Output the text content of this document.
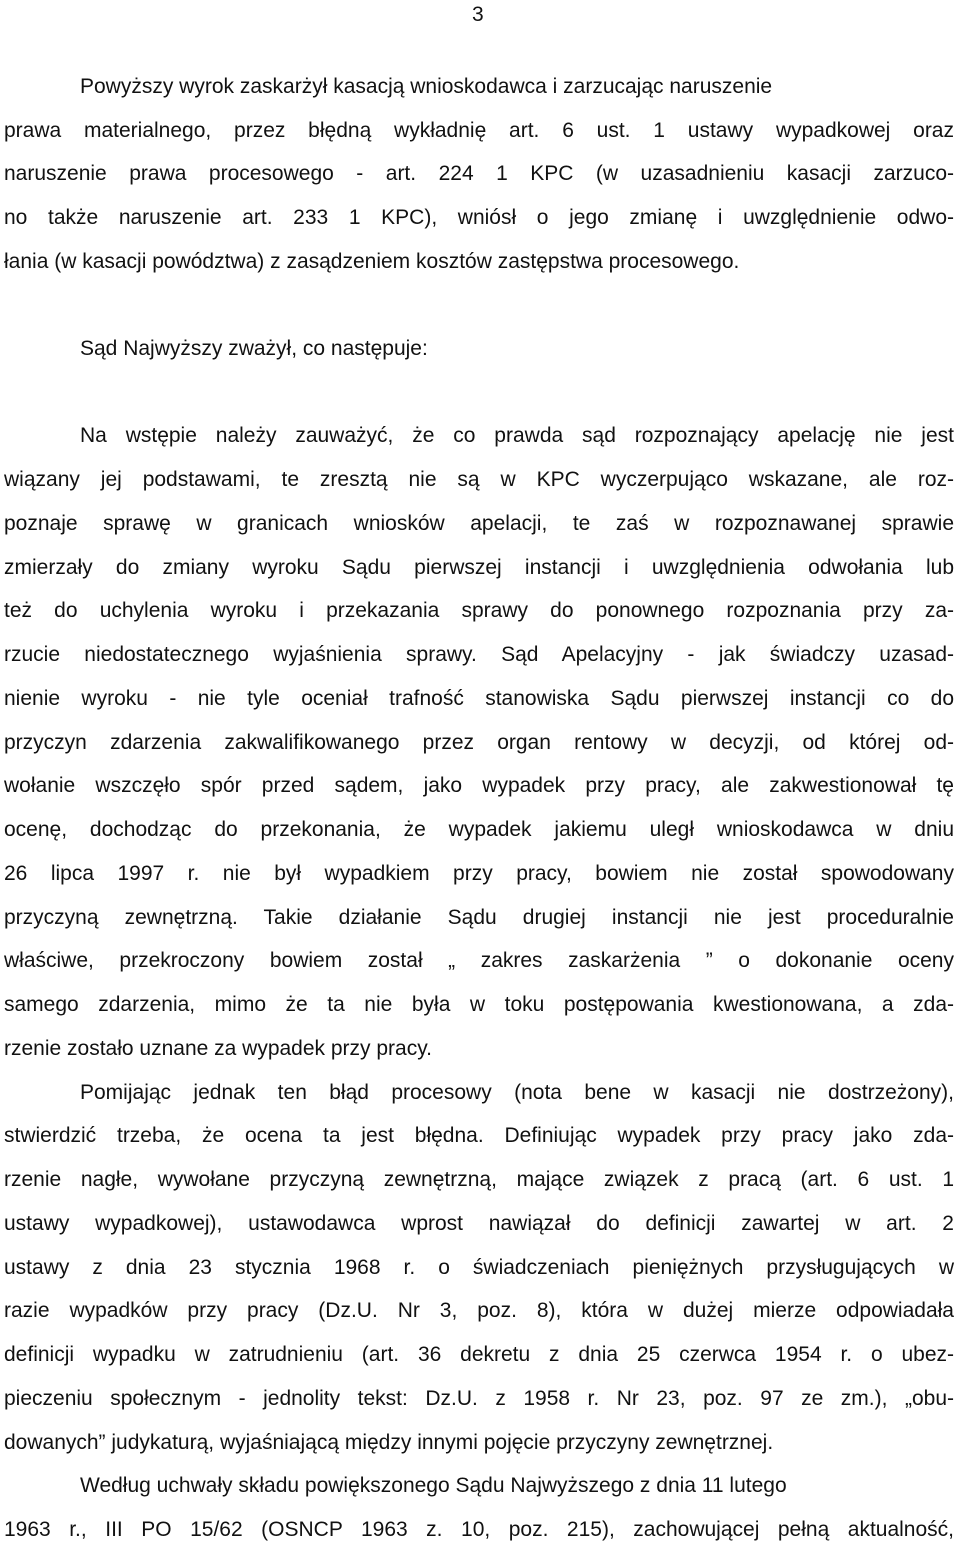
3
Powyższy wyrok zaskarżył kasacją wnioskodawca i zarzucając naruszenie
prawa materialnego, przez błędną wykładnię art. 6 ust. 1 ustawy wypadkowej oraz
naruszenie prawa procesowego - art. 224 1 KPC (w uzasadnieniu kasacji zarzuco-
no także naruszenie art. 233 1 KPC), wniósł o jego zmianę i uwzględnienie odwo-
łania (w kasacji powództwa) z zasądzeniem kosztów zastępstwa procesowego.
Sąd Najwyższy zważył, co następuje:
Na wstępie należy zauważyć, że co prawda sąd rozpoznający apelację nie jest
wiązany jej podstawami, te zresztą nie są w KPC wyczerpująco wskazane, ale roz-
poznaje sprawę w granicach wniosków apelacji, te zaś w rozpoznawanej sprawie
zmierzały do zmiany wyroku Sądu pierwszej instancji i uwzględnienia odwołania lub
też do uchylenia wyroku i przekazania sprawy do ponownego rozpoznania przy za-
rzucie niedostatecznego wyjaśnienia sprawy. Sąd Apelacyjny - jak świadczy uzasad-
nienie wyroku - nie tyle oceniał trafność stanowiska Sądu pierwszej instancji co do
przyczyn zdarzenia zakwalifikowanego przez organ rentowy w decyzji, od której od-
wołanie wszczęło spór przed sądem, jako wypadek przy pracy, ale zakwestionował tę
ocenę, dochodząc do przekonania, że wypadek jakiemu uległ wnioskodawca w dniu
26 lipca 1997 r. nie był wypadkiem przy pracy, bowiem nie został spowodowany
przyczyną zewnętrzną. Takie działanie Sądu drugiej instancji nie jest proceduralnie
właściwe, przekroczony bowiem został „ zakres zaskarżenia ” o dokonanie oceny
samego zdarzenia, mimo że ta nie była w toku postępowania kwestionowana, a zda-
rzenie zostało uznane za wypadek przy pracy.
Pomijając jednak ten błąd procesowy (nota bene w kasacji nie dostrzeżony),
stwierdzić trzeba, że ocena ta jest błędna. Definiując wypadek przy pracy jako zda-
rzenie nagłe, wywołane przyczyną zewnętrzną, mające związek z pracą (art. 6 ust. 1
ustawy wypadkowej), ustawodawca wprost nawiązał do definicji zawartej w art. 2
ustawy z dnia 23 stycznia 1968 r. o świadczeniach pieniężnych przysługujących w
razie wypadków przy pracy (Dz.U. Nr 3, poz. 8), która w dużej mierze odpowiadała
definicji wypadku w zatrudnieniu (art. 36 dekretu z dnia 25 czerwca 1954 r. o ubez-
pieczeniu społecznym - jednolity tekst: Dz.U. z 1958 r. Nr 23, poz. 97 ze zm.), „obu-
dowanych” judykaturą, wyjaśniającą między innymi pojęcie przyczyny zewnętrznej.
Według uchwały składu powiększonego Sądu Najwyższego z dnia 11 lutego
1963 r., III PO 15/62 (OSNCP 1963 z. 10, poz. 215), zachowującej pełną aktualność,
